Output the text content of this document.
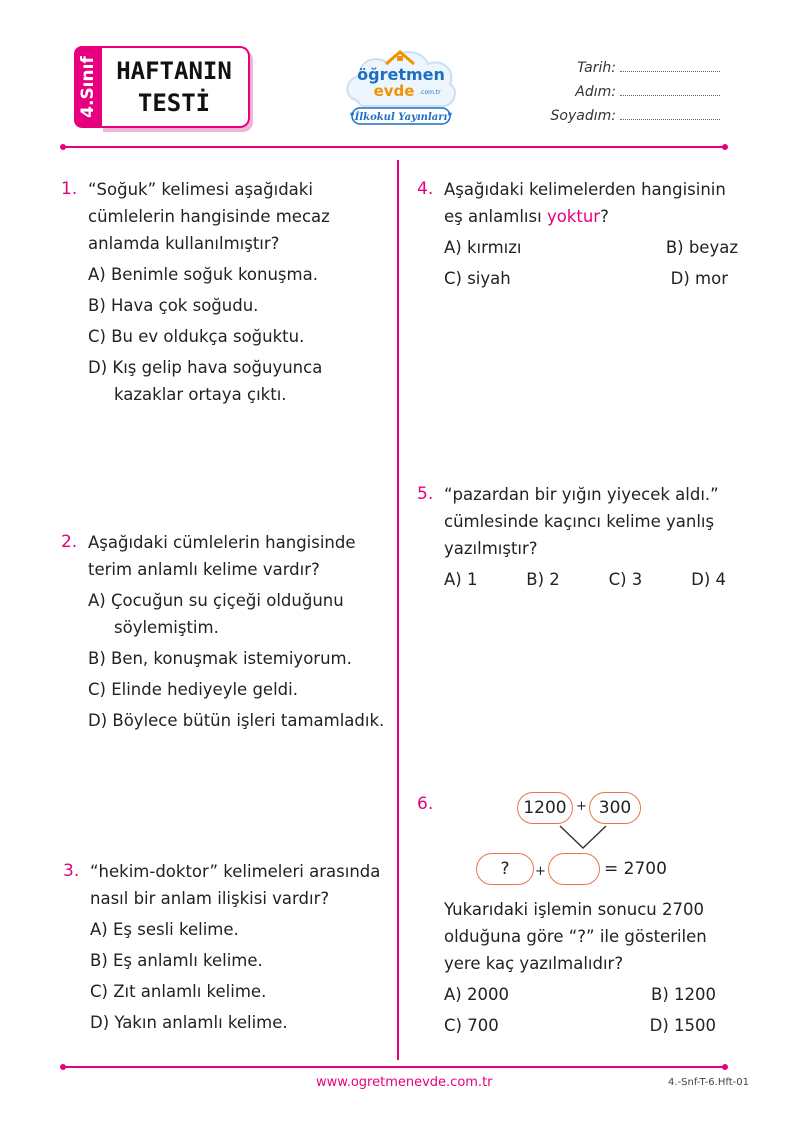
4.Sınıf HAFTANIN
TESTİ
öğretmen
evde .com.tr
"İlkokul Yayınları"
Tarih:
Adım:
Soyadım:
1. “Soğuk” kelimesi aşağıdaki cümlelerin hangisinde mecaz anlamda kullanılmıştır?
A) Benimle soğuk konuşma.
B) Hava çok soğudu.
C) Bu ev oldukça soğuktu.
D) Kış gelip hava soğuyunca kazaklar ortaya çıktı.
2. Aşağıdaki cümlelerin hangisinde terim anlamlı kelime vardır?
A) Çocuğun su çiçeği olduğunu söylemiştim.
B) Ben, konuşmak istemiyorum.
C) Elinde hediyeyle geldi.
D) Böylece bütün işleri tamamladık.
3. “hekim-doktor” kelimeleri arasında nasıl bir anlam ilişkisi vardır?
A) Eş sesli kelime.
B) Eş anlamlı kelime.
C) Zıt anlamlı kelime.
D) Yakın anlamlı kelime.
4. Aşağıdaki kelimelerden hangisinin eş anlamlısı yoktur?
A) kırmızı	B) beyaz
C) siyah	D) mor
5. “pazardan bir yığın yiyecek aldı.” cümlesinde kaçıncı kelime yanlış yazılmıştır?
A) 1	B) 2	C) 3	D) 4
6.	1200 + 300
? +	= 2700
Yukarıdaki işlemin sonucu 2700 olduğuna göre “?” ile gösterilen yere kaç yazılmalıdır?
A) 2000	B) 1200
C) 700	D) 1500
www.ogretmenevde.com.tr	4.-Snf-T-6.Hft-01
